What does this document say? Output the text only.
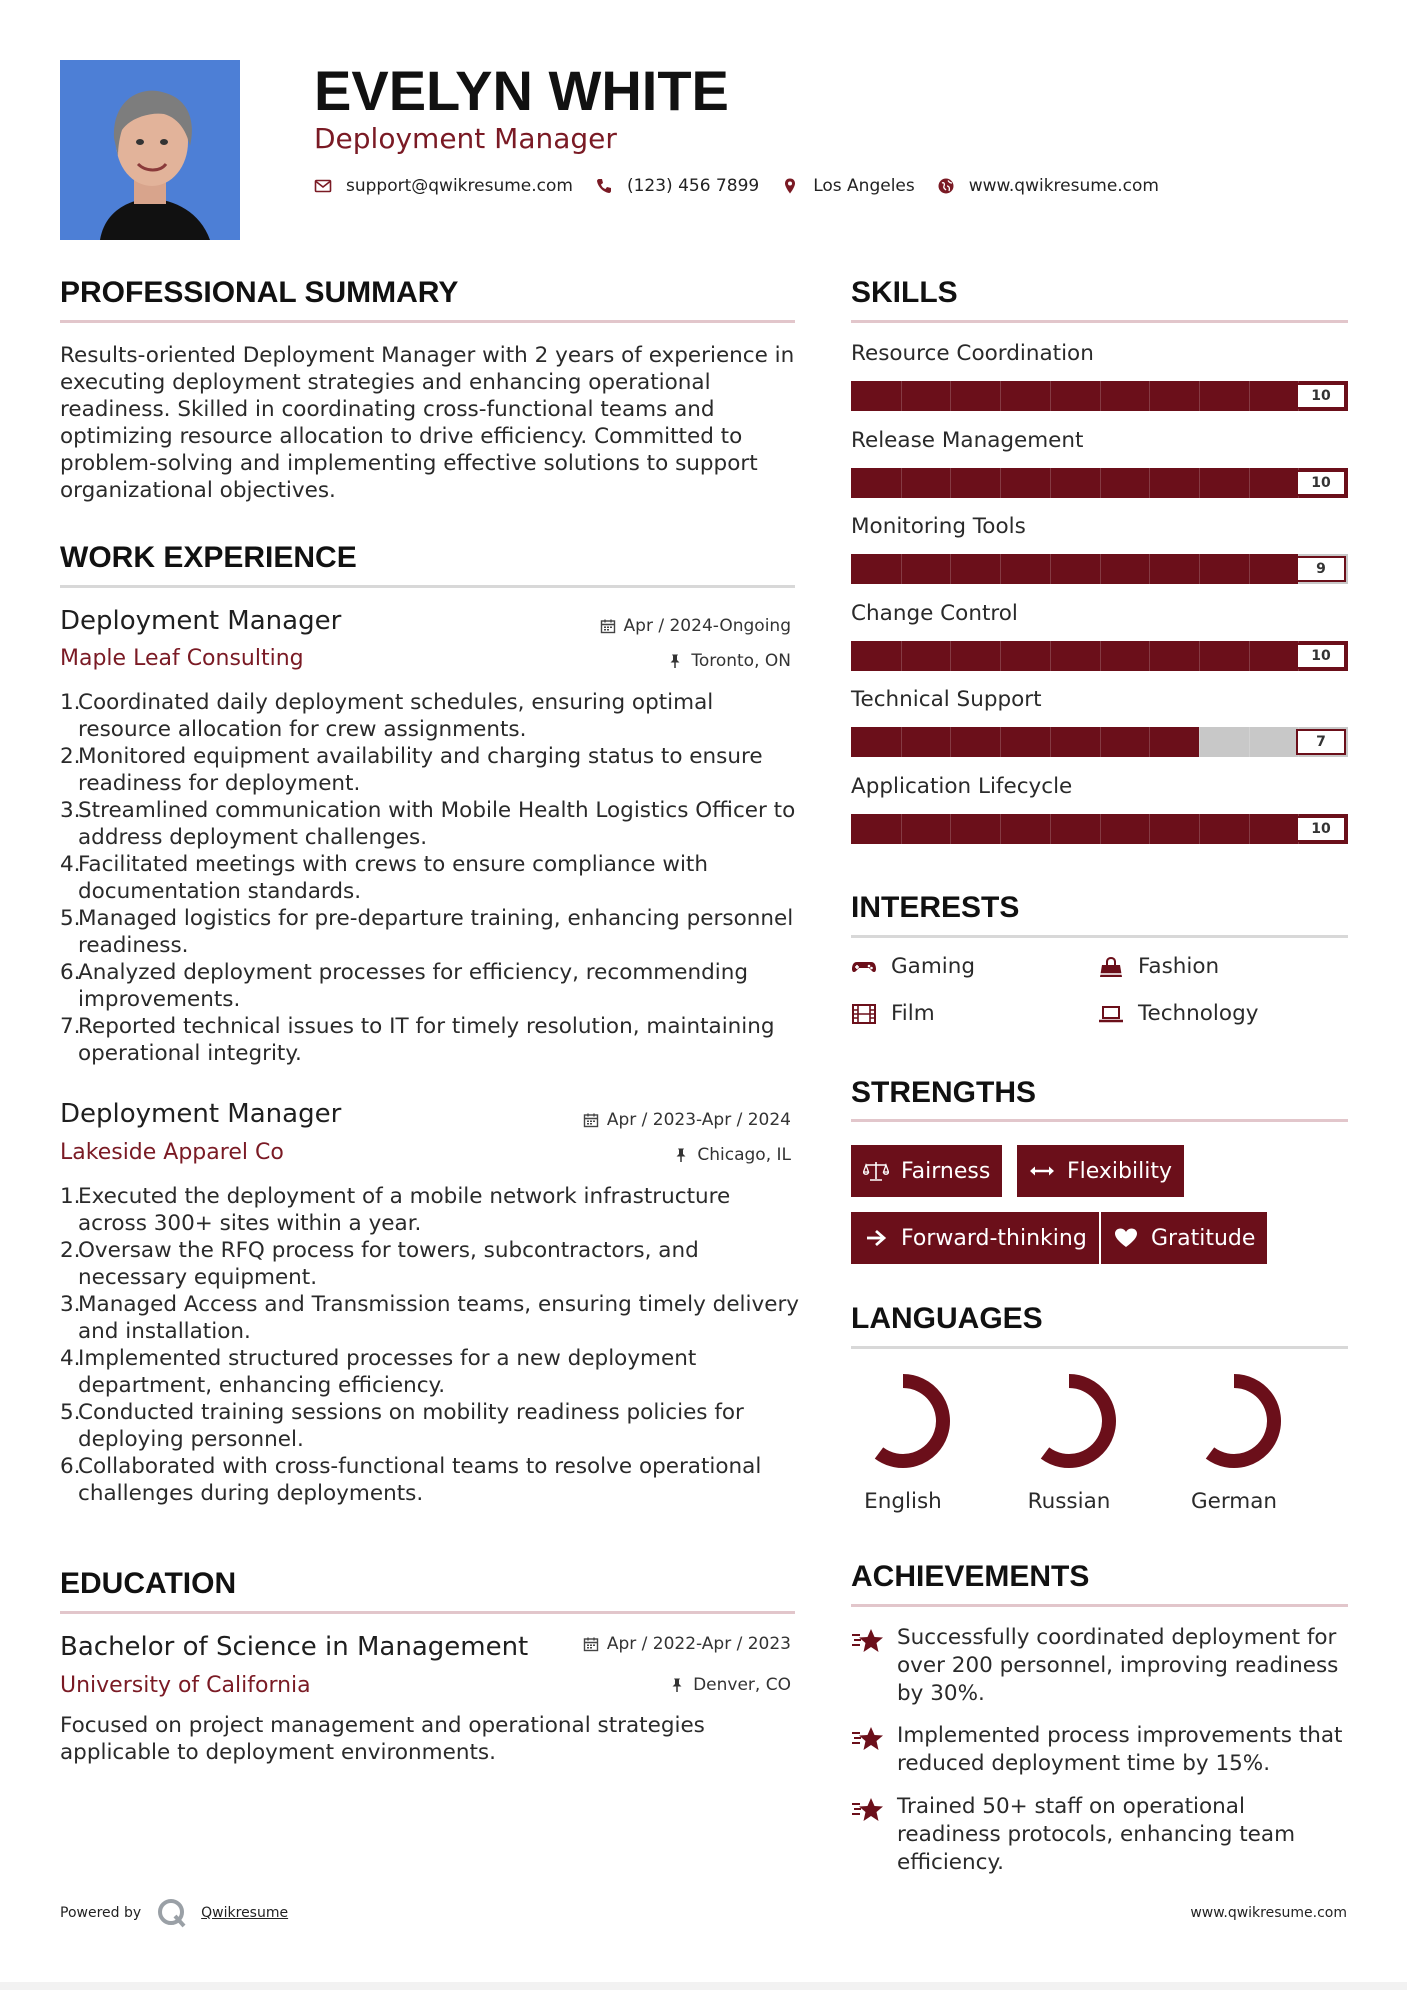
EVELYN WHITE
Deployment Manager
support@qwikresume.com	(123) 456 7899	Los Angeles	www.qwikresume.com
PROFESSIONAL SUMMARY
Results-oriented Deployment Manager with 2 years of experience in executing deployment strategies and enhancing operational readiness. Skilled in coordinating cross-functional teams and optimizing resource allocation to drive efficiency. Committed to problem-solving and implementing effective solutions to support organizational objectives.
WORK EXPERIENCE
Deployment Manager	Apr / 2024-Ongoing
Maple Leaf Consulting	Toronto, ON
1.
Coordinated daily deployment schedules, ensuring optimal resource allocation for crew assignments.
2.
Monitored equipment availability and charging status to ensure readiness for deployment.
3.
Streamlined communication with Mobile Health Logistics Officer to address deployment challenges.
4.
Facilitated meetings with crews to ensure compliance with documentation standards.
5.
Managed logistics for pre-departure training, enhancing personnel readiness.
6.
Analyzed deployment processes for efficiency, recommending improvements.
7.
Reported technical issues to IT for timely resolution, maintaining operational integrity.
Deployment Manager	Apr / 2023-Apr / 2024
Lakeside Apparel Co	Chicago, IL
1.
Executed the deployment of a mobile network infrastructure across 300+ sites within a year.
2.
Oversaw the RFQ process for towers, subcontractors, and necessary equipment.
3.
Managed Access and Transmission teams, ensuring timely delivery and installation.
4.
Implemented structured processes for a new deployment department, enhancing efficiency.
5.
Conducted training sessions on mobility readiness policies for deploying personnel.
6.
Collaborated with cross-functional teams to resolve operational challenges during deployments.
EDUCATION
Bachelor of Science in Management	Apr / 2022-Apr / 2023
University of California	Denver, CO
Focused on project management and operational strategies applicable to deployment environments.
SKILLS
Resource Coordination
10
Release Management
10
Monitoring Tools
9
Change Control
10
Technical Support
7
Application Lifecycle
10
INTERESTS
Gaming	Fashion
Film	Technology
STRENGTHS
Fairness	Flexibility
Forward-thinking	Gratitude
LANGUAGES
English	Russian	German
ACHIEVEMENTS
Successfully coordinated deployment for over 200 personnel, improving readiness by 30%.
Implemented process improvements that reduced deployment time by 15%.
Trained 50+ staff on operational readiness protocols, enhancing team efficiency.
Powered by	Qwikresume	www.qwikresume.com
